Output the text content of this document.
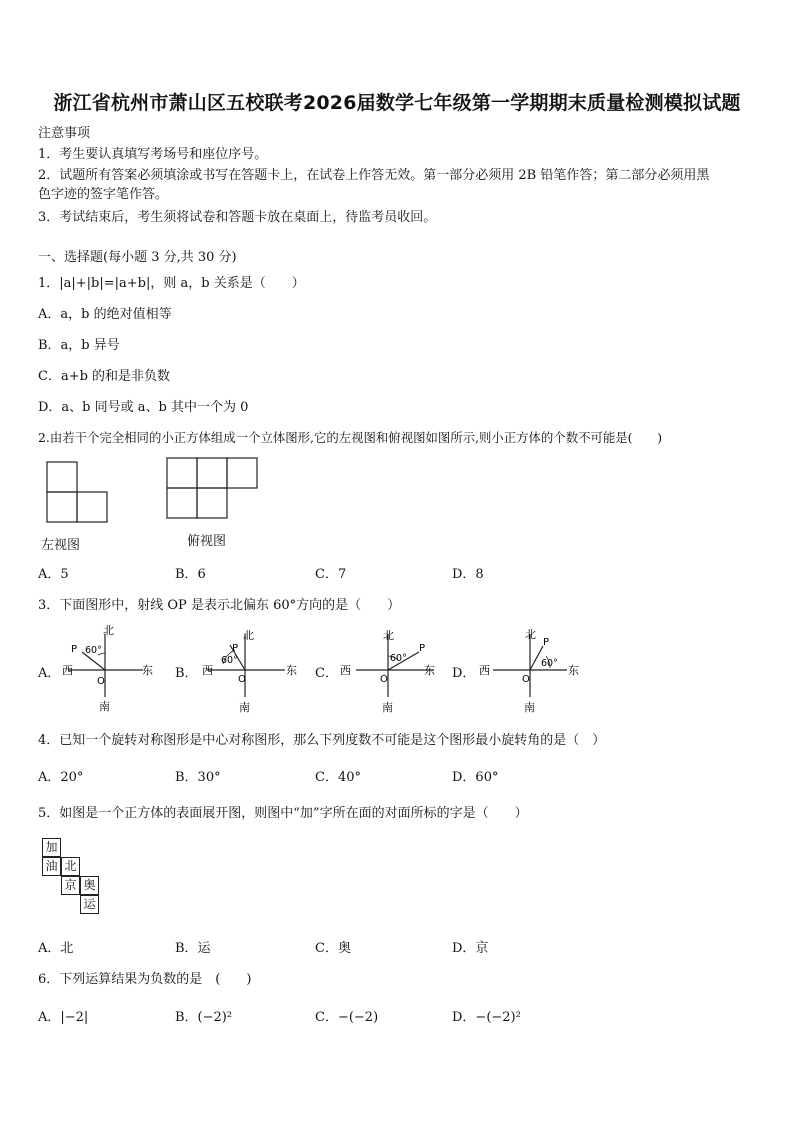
浙江省杭州市萧山区五校联考2026届数学七年级第一学期期末质量检测模拟试题
注意事项
1．考生要认真填写考场号和座位序号。
2．试题所有答案必须填涂或书写在答题卡上，在试卷上作答无效。第一部分必须用 2B 铅笔作答；第二部分必须用黑
色字迹的签字笔作答。
3．考试结束后，考生须将试卷和答题卡放在桌面上，待监考员收回。
一、选择题(每小题 3 分,共 30 分)
1．|a|+|b|=|a+b|，则 a，b 关系是（　　）
A．a，b 的绝对值相等
B．a，b 异号
C．a+b 的和是非负数
D．a、b 同号或 a、b 其中一个为 0
2.由若干个完全相同的小正方体组成一个立体图形,它的左视图和俯视图如图所示,则小正方体的个数不可能是(　　)
左视图	俯视图
A．5	B．6	C．7	D．8
3．下面图形中，射线 OP 是表示北偏东 60°方向的是（　　）
A．
北
60°
P
西	东
O
南
B．
北
60°
P
西	东
O
南
C．
北
60°
P
西	东
O
南
D．
北
60°
P
西	东
O
南
4．已知一个旋转对称图形是中心对称图形，那么下列度数不可能是这个图形最小旋转角的是（　）
A．20°	B．30°	C．40°	D．60°
5．如图是一个正方体的表面展开图，则图中“加”字所在面的对面所标的字是（　　）
加
油 北
京 奥
运
A．北	B．运	C．奥	D．京
6．下列运算结果为负数的是　(　　)
A．|−2|	B．(−2)²	C．−(−2)	D．−(−2)²
